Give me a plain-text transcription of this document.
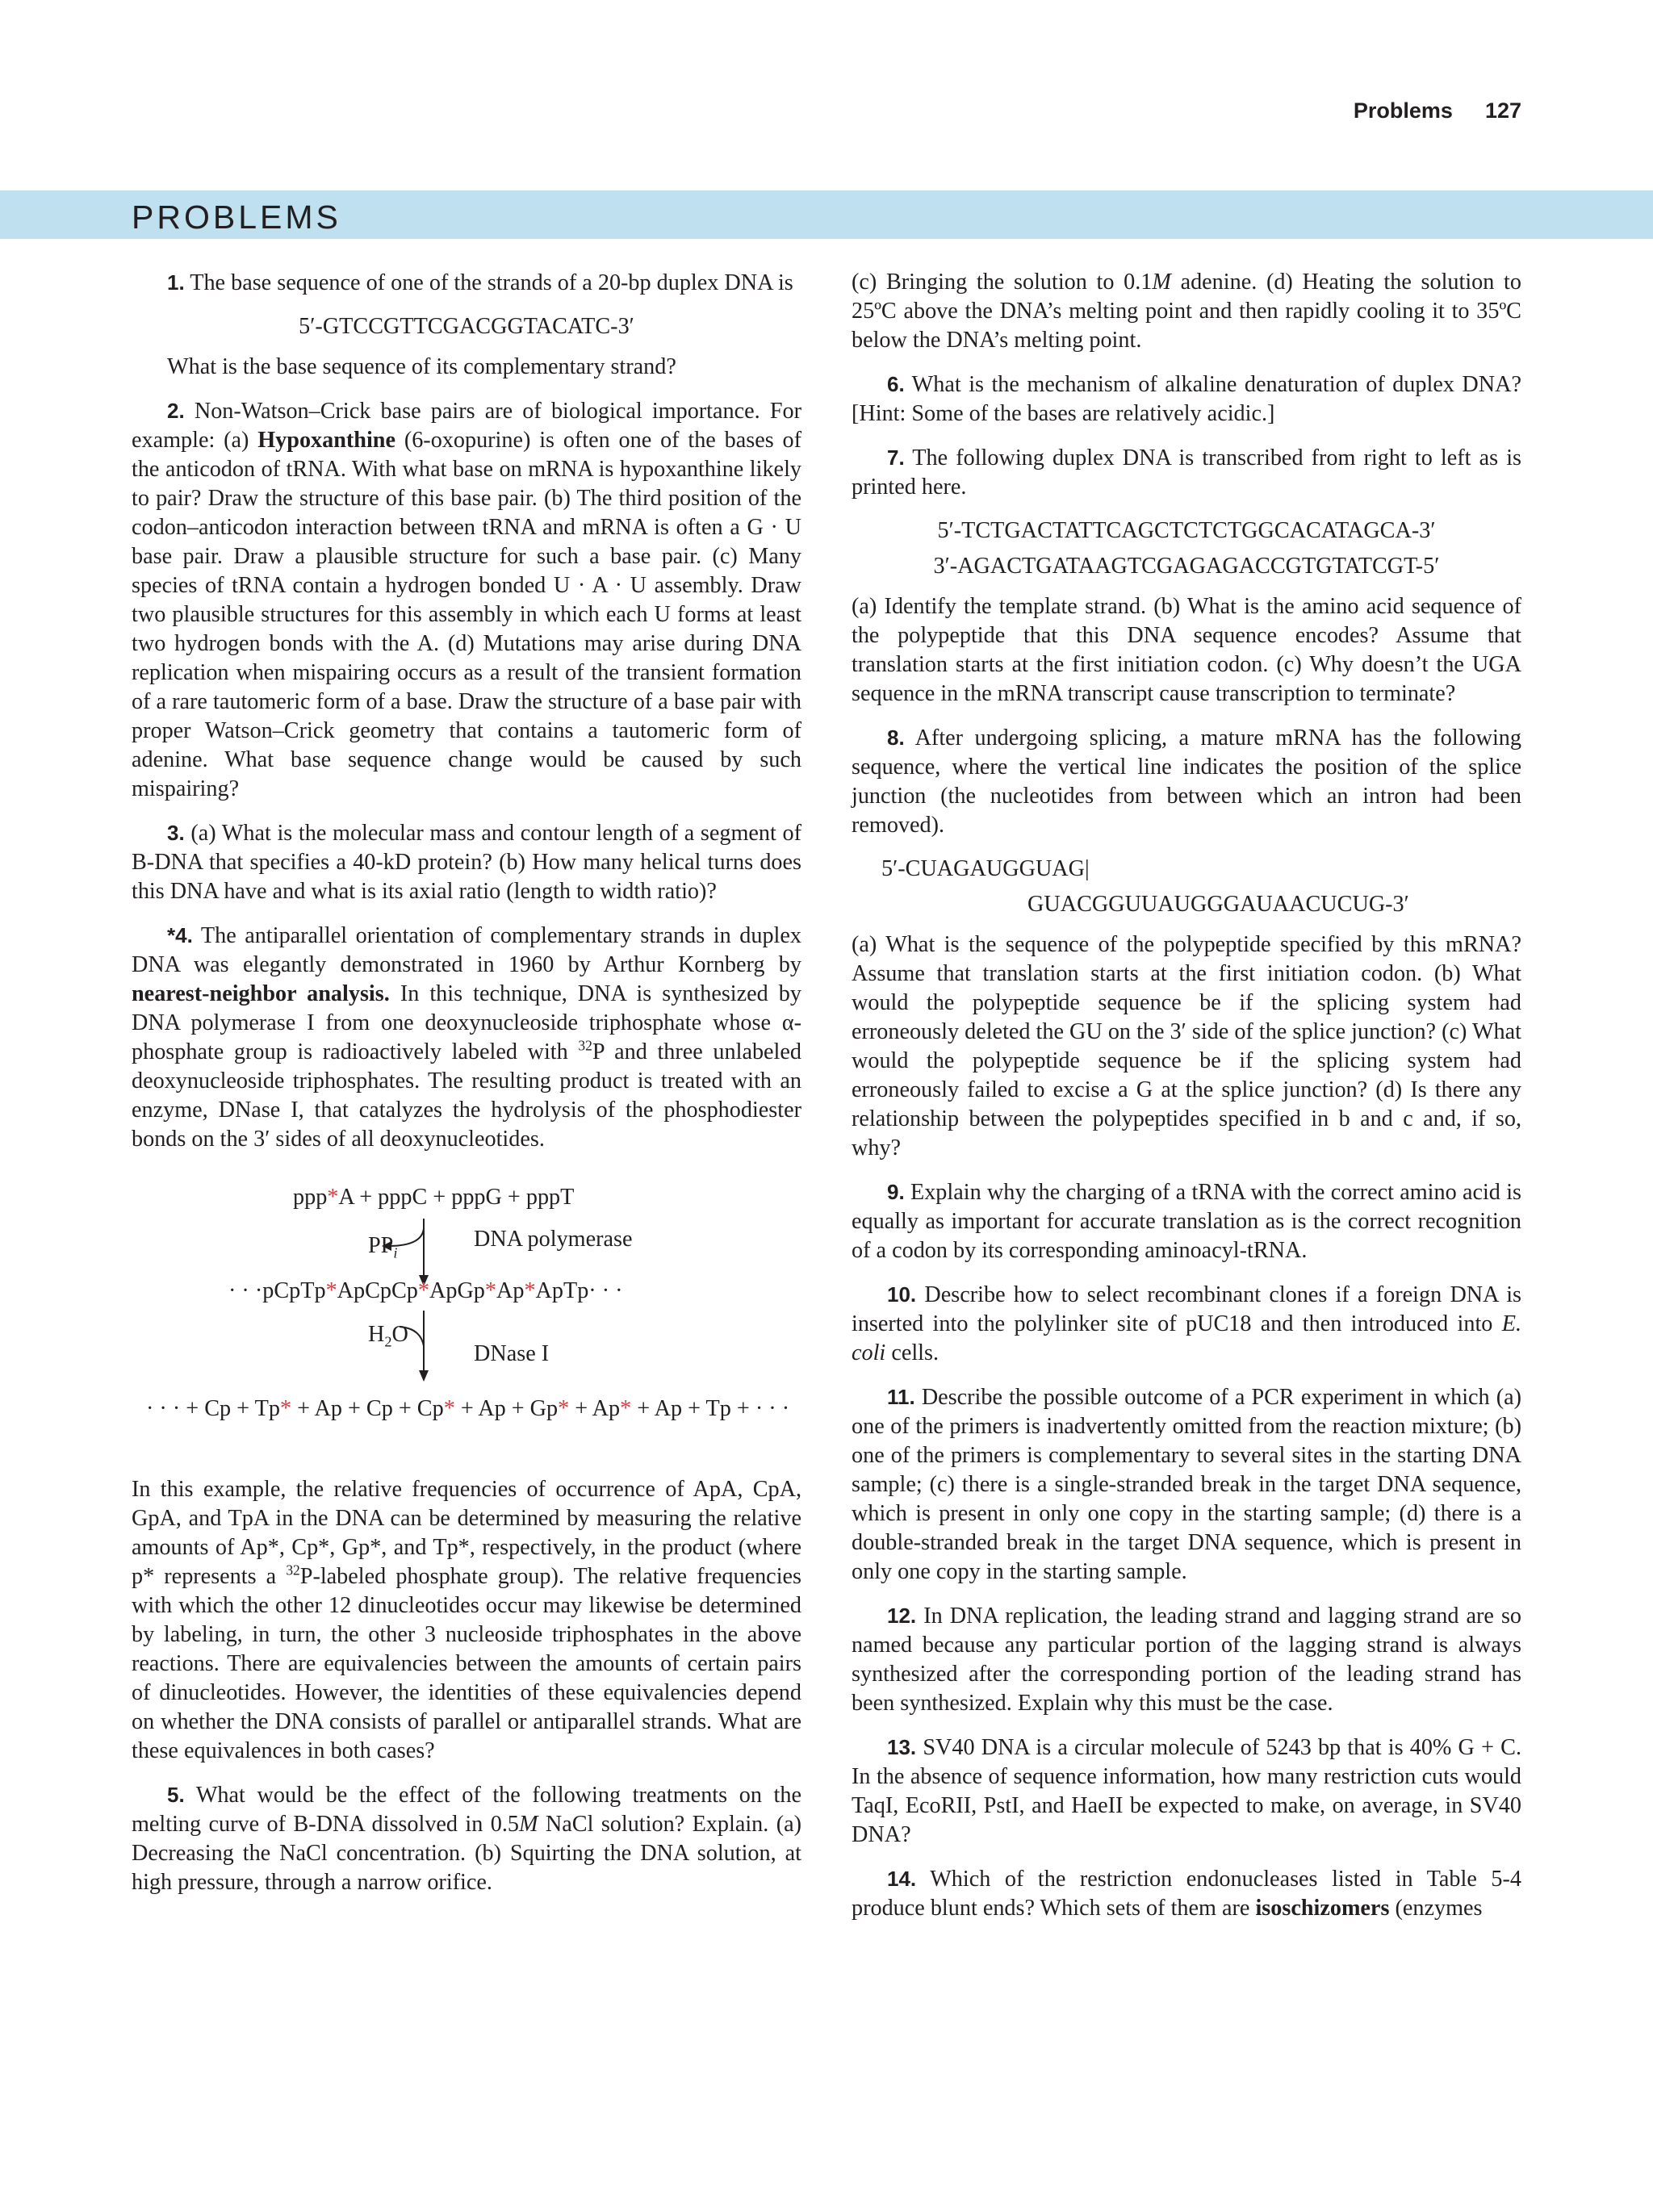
Problems 127
PROBLEMS

1. The base sequence of one of the strands of a 20-bp duplex DNA is

5′-GTCCGTTCGACGGTACATC-3′

What is the base sequence of its complementary strand?

2. Non-Watson–Crick base pairs are of biological importance. For example: (a) Hypoxanthine (6-oxopurine) is often one of the bases of the anticodon of tRNA. With what base on mRNA is hypoxanthine likely to pair? Draw the structure of this base pair. (b) The third position of the codon–anticodon interaction between tRNA and mRNA is often a G · U base pair. Draw a plausible structure for such a base pair. (c) Many species of tRNA contain a hydrogen bonded U · A · U assembly. Draw two plausible structures for this assembly in which each U forms at least two hydrogen bonds with the A. (d) Mutations may arise during DNA replication when mispairing occurs as a result of the transient formation of a rare tautomeric form of a base. Draw the structure of a base pair with proper Watson–Crick geometry that contains a tautomeric form of adenine. What base sequence change would be caused by such mispairing?

3. (a) What is the molecular mass and contour length of a segment of B-DNA that specifies a 40-kD protein? (b) How many helical turns does this DNA have and what is its axial ratio (length to width ratio)?

*4. The antiparallel orientation of complementary strands in duplex DNA was elegantly demonstrated in 1960 by Arthur Kornberg by nearest-neighbor analysis. In this technique, DNA is synthesized by DNA polymerase I from one deoxynucleoside triphosphate whose α-phosphate group is radioactively labeled with $^{32}$P and three unlabeled deoxynucleoside triphosphates. The resulting product is treated with an enzyme, DNase I, that catalyzes the hydrolysis of the phosphodiester bonds on the 3′ sides of all deoxynucleotides.

ppp*A + pppC + pppG + pppT
$PP_i$
DNA polymerase
· · ·pCpTp*ApCpCp*ApGp*Ap*ApTp· · ·
$H_2O$
DNase I
· · · + Cp + Tp* + Ap + Cp + Cp* + Ap + Gp* + Ap* + Ap + Tp + · · ·

In this example, the relative frequencies of occurrence of ApA, CpA, GpA, and TpA in the DNA can be determined by measuring the relative amounts of Ap*, Cp*, Gp*, and Tp*, respectively, in the product (where p* represents a $^{32}$P-labeled phosphate group). The relative frequencies with which the other 12 dinucleotides occur may likewise be determined by labeling, in turn, the other 3 nucleoside triphosphates in the above reactions. There are equivalencies between the amounts of certain pairs of dinucleotides. However, the identities of these equivalencies depend on whether the DNA consists of parallel or antiparallel strands. What are these equivalences in both cases?

5. What would be the effect of the following treatments on the melting curve of B-DNA dissolved in 0.5M NaCl solution? Explain. (a) Decreasing the NaCl concentration. (b) Squirting the DNA solution, at high pressure, through a narrow orifice.

(c) Bringing the solution to 0.1M adenine. (d) Heating the solution to 25ºC above the DNA’s melting point and then rapidly cooling it to 35ºC below the DNA’s melting point.

6. What is the mechanism of alkaline denaturation of duplex DNA? [Hint: Some of the bases are relatively acidic.]

7. The following duplex DNA is transcribed from right to left as is printed here.

5′-TCTGACTATTCAGCTCTCTGGCACATAGCA-3′
3′-AGACTGATAAGTCGAGAGACCGTGTATCGT-5′

(a) Identify the template strand. (b) What is the amino acid sequence of the polypeptide that this DNA sequence encodes? Assume that translation starts at the first initiation codon. (c) Why doesn’t the UGA sequence in the mRNA transcript cause transcription to terminate?

8. After undergoing splicing, a mature mRNA has the following sequence, where the vertical line indicates the position of the splice junction (the nucleotides from between which an intron had been removed).

5′-CUAGAUGGUAG|
GUACGGUUAUGGGAUAACUCUG-3′

(a) What is the sequence of the polypeptide specified by this mRNA? Assume that translation starts at the first initiation codon. (b) What would the polypeptide sequence be if the splicing system had erroneously deleted the GU on the 3′ side of the splice junction? (c) What would the polypeptide sequence be if the splicing system had erroneously failed to excise a G at the splice junction? (d) Is there any relationship between the polypeptides specified in b and c and, if so, why?

9. Explain why the charging of a tRNA with the correct amino acid is equally as important for accurate translation as is the correct recognition of a codon by its corresponding aminoacyl-tRNA.

10. Describe how to select recombinant clones if a foreign DNA is inserted into the polylinker site of pUC18 and then introduced into E. coli cells.

11. Describe the possible outcome of a PCR experiment in which (a) one of the primers is inadvertently omitted from the reaction mixture; (b) one of the primers is complementary to several sites in the starting DNA sample; (c) there is a single-stranded break in the target DNA sequence, which is present in only one copy in the starting sample; (d) there is a double-stranded break in the target DNA sequence, which is present in only one copy in the starting sample.

12. In DNA replication, the leading strand and lagging strand are so named because any particular portion of the lagging strand is always synthesized after the corresponding portion of the leading strand has been synthesized. Explain why this must be the case.

13. SV40 DNA is a circular molecule of 5243 bp that is 40% G + C. In the absence of sequence information, how many restriction cuts would TaqI, EcoRII, PstI, and HaeII be expected to make, on average, in SV40 DNA?

14. Which of the restriction endonucleases listed in Table 5-4 produce blunt ends? Which sets of them are isoschizomers (enzymes
